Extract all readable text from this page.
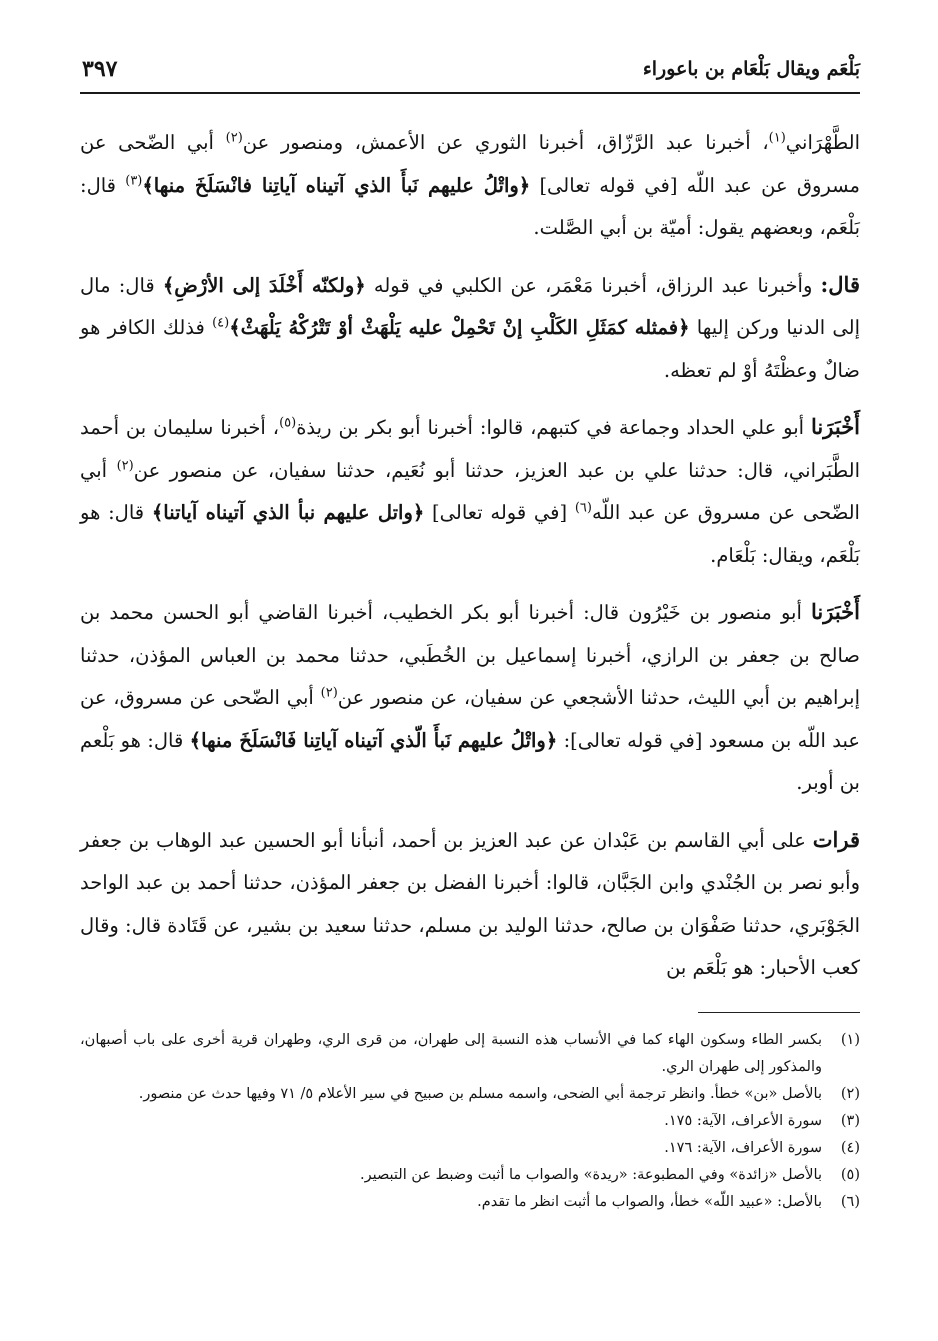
بَلْعَم ويقال بَلْعَام بن باعوراء
٣٩٧

الطَّهْرَاني$^{(١)}$، أخبرنا عبد الرَّزّاق، أخبرنا الثوري عن الأعمش، ومنصور عن$^{(٢)}$ أبي الضّحى عن مسروق عن عبد اللّه [في قوله تعالى] ﴿واتْلُ عليهم نَبأَ الذي آتيناه آياتِنا فانْسَلَخَ منها﴾$^{(٣)}$ قال: بَلْعَم، وبعضهم يقول: أميّة بن أبي الصَّلت.

قال: وأخبرنا عبد الرزاق، أخبرنا مَعْمَر، عن الكلبي في قوله ﴿ولكنّه أَخْلَدَ إلى الأرْضِ﴾ قال: مال إلى الدنيا وركن إليها ﴿فمثله كمَثَلِ الكَلْبِ إنْ تَحْمِلْ عليه يَلْهَثْ أوْ تَتْرُكْهُ يَلْهَثْ﴾$^{(٤)}$ فذلك الكافر هو ضالٌ وعظْتَهُ أوْ لم تعظه.

أَخْبَرَنا أبو علي الحداد وجماعة في كتبهم، قالوا: أخبرنا أبو بكر بن ريذة$^{(٥)}$، أخبرنا سليمان بن أحمد الطَّبَراني، قال: حدثنا علي بن عبد العزيز، حدثنا أبو نُعَيم، حدثنا سفيان، عن منصور عن$^{(٢)}$ أبي الضّحى عن مسروق عن عبد اللّه$^{(٦)}$ [في قوله تعالى] ﴿واتل عليهم نبأ الذي آتيناه آياتنا﴾ قال: هو بَلْعَم، ويقال: بَلْعَام.

أَخْبَرَنا أبو منصور بن خَيْرُون قال: أخبرنا أبو بكر الخطيب، أخبرنا القاضي أبو الحسن محمد بن صالح بن جعفر بن الرازي، أخبرنا إسماعيل بن الخُطَبي، حدثنا محمد بن العباس المؤذن، حدثنا إبراهيم بن أبي الليث، حدثنا الأشجعي عن سفيان، عن منصور عن$^{(٢)}$ أبي الضّحى عن مسروق، عن عبد اللّه بن مسعود [في قوله تعالى]: ﴿واتْلُ عليهم نَبأَ الّذي آتيناه آياتِنا فَانْسَلَخَ منها﴾ قال: هو بَلْعم بن أوبر.

قرات على أبي القاسم بن عَبْدان عن عبد العزيز بن أحمد، أنبأنا أبو الحسين عبد الوهاب بن جعفر وأبو نصر بن الجُنْدي وابن الجَبَّان، قالوا: أخبرنا الفضل بن جعفر المؤذن، حدثنا أحمد بن عبد الواحد الجَوْبَري، حدثنا صَفْوَان بن صالح، حدثنا الوليد بن مسلم، حدثنا سعيد بن بشير، عن قَتَادة قال: وقال كعب الأحبار: هو بَلْعَم بن

(١)
بكسر الطاء وسكون الهاء كما في الأنساب هذه النسبة إلى طهران، من قرى الري، وطهران قرية أخرى على باب أصبهان، والمذكور إلى طهران الري.
(٢)
بالأصل «بن» خطأ. وانظر ترجمة أبي الضحى، واسمه مسلم بن صبيح في سير الأعلام ٥/ ٧١ وفيها حدث عن منصور.
(٣)
سورة الأعراف، الآية: ١٧٥.
(٤)
سورة الأعراف، الآية: ١٧٦.
(٥)
بالأصل «زائدة» وفي المطبوعة: «ريدة» والصواب ما أثبت وضبط عن التبصير.
(٦)
بالأصل: «عبيد اللّه» خطأ، والصواب ما أثبت انظر ما تقدم.
